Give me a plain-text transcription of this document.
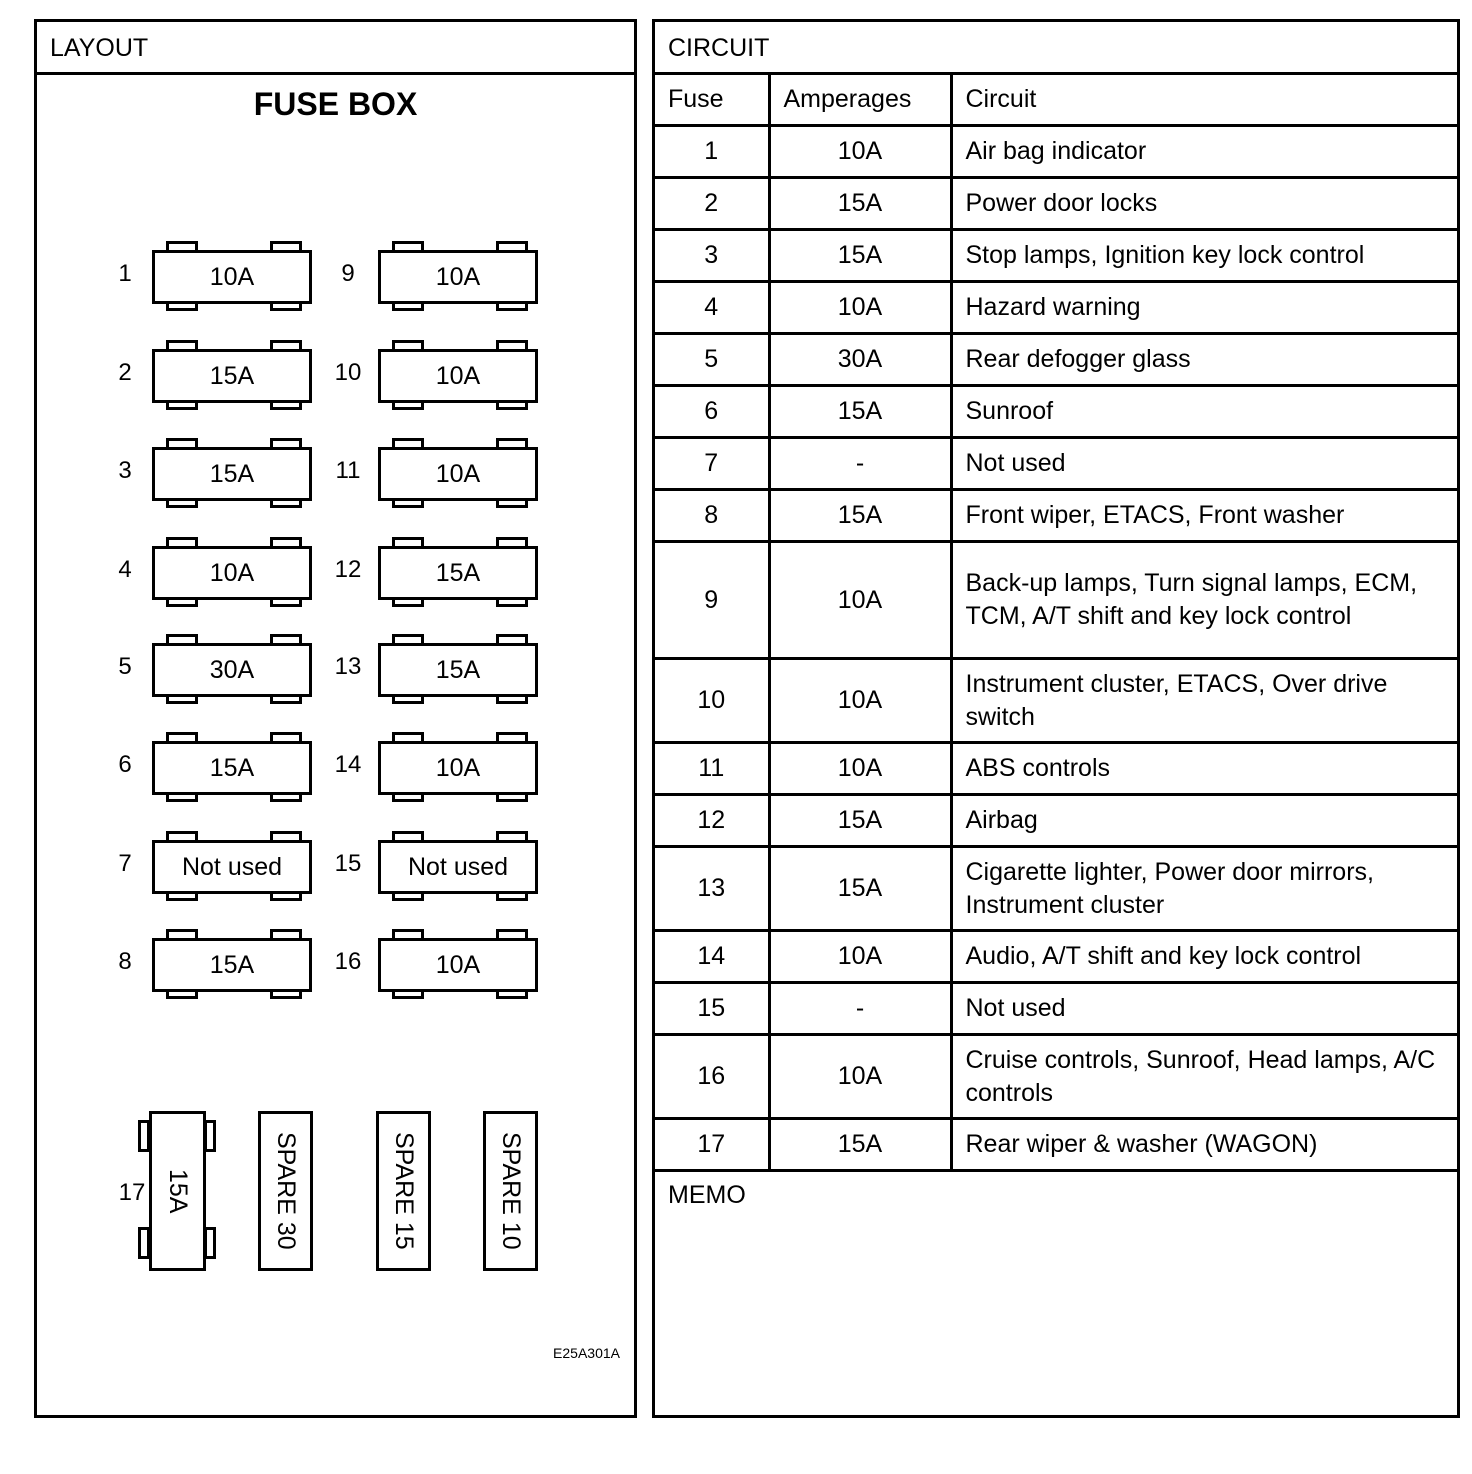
LAYOUT
FUSE BOX
10A
1
15A
2
15A
3
10A
4
30A
5
15A
6
Not used
7
15A
8
10A
9
10A
10
10A
11
15A
12
15A
13
10A
14
Not used
15
10A
16
15A
17	SPARE 30	SPARE 15	SPARE 10
E25A301A
CIRCUIT
Fuse	Amperages	Circuit
1	10A	Air bag indicator
2	15A	Power door locks
3	15A	Stop lamps, Ignition key lock control
4	10A	Hazard warning
5	30A	Rear defogger glass
6	15A	Sunroof
7	-	Not used
8	15A	Front wiper, ETACS, Front washer
9	10A	Back-up lamps, Turn signal lamps, ECM, TCM, A/T shift and key lock control
10	10A	Instrument cluster, ETACS, Over drive switch
11	10A	ABS controls
12	15A	Airbag
13	15A	Cigarette lighter, Power door mirrors, Instrument cluster
14	10A	Audio, A/T shift and key lock control
15	-	Not used
16	10A	Cruise controls, Sunroof, Head lamps, A/C controls
17	15A	Rear wiper & washer (WAGON)
MEMO
